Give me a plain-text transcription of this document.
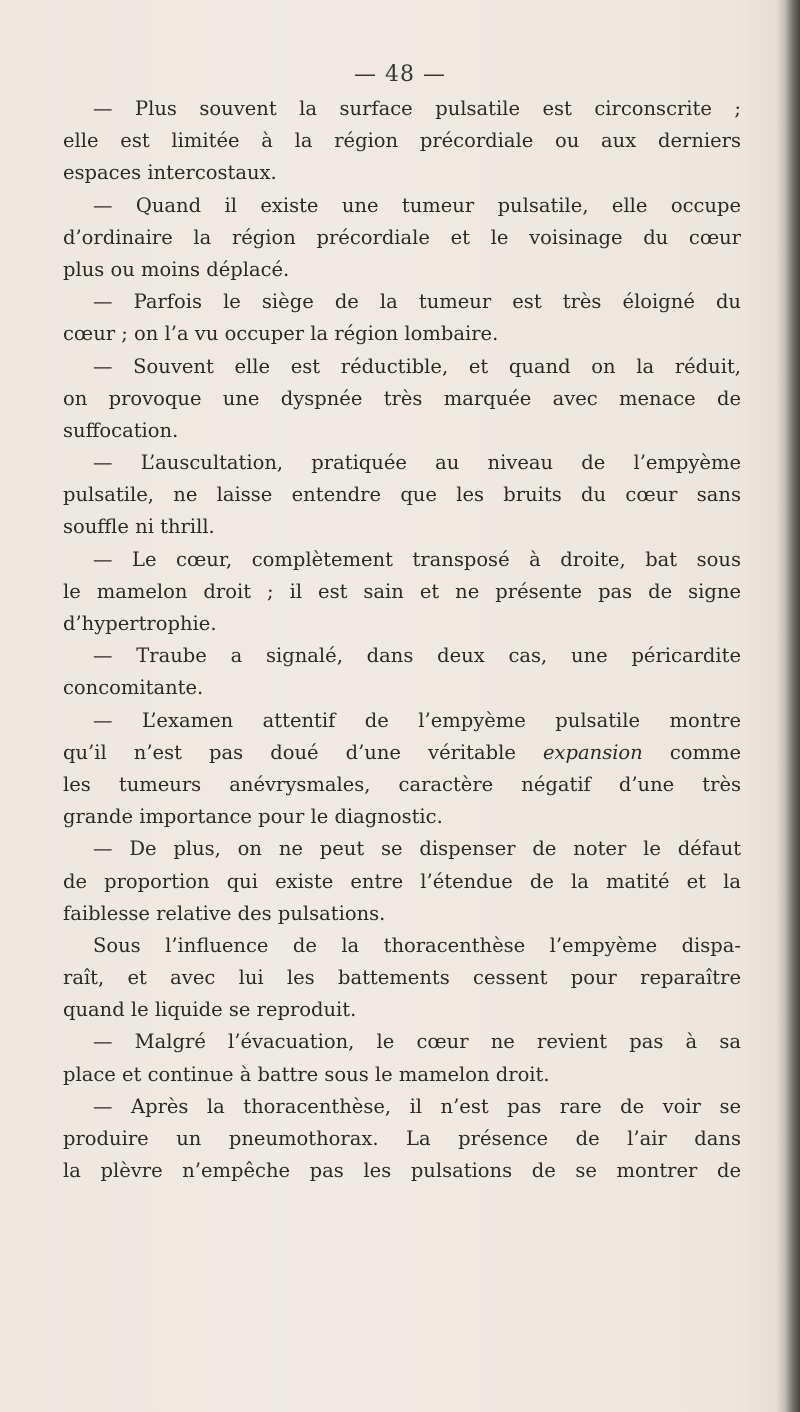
— 48 —
— Plus souvent la surface pulsatile est circonscrite ;
elle est limitée à la région précordiale ou aux derniers
espaces intercostaux.
— Quand il existe une tumeur pulsatile, elle occupe
d’ordinaire la région précordiale et le voisinage du cœur
plus ou moins déplacé.
— Parfois le siège de la tumeur est très éloigné du
cœur ; on l’a vu occuper la région lombaire.
— Souvent elle est réductible, et quand on la réduit,
on provoque une dyspnée très marquée avec menace de
suffocation.
— L’auscultation, pratiquée au niveau de l’empyème
pulsatile, ne laisse entendre que les bruits du cœur sans
souffle ni thrill.
— Le cœur, complètement transposé à droite, bat sous
le mamelon droit ; il est sain et ne présente pas de signe
d’hypertrophie.
— Traube a signalé, dans deux cas, une péricardite
concomitante.
— L’examen attentif de l’empyème pulsatile montre
qu’il n’est pas doué d’une véritable expansion comme
les tumeurs anévrysmales, caractère négatif d’une très
grande importance pour le diagnostic.
— De plus, on ne peut se dispenser de noter le défaut
de proportion qui existe entre l’étendue de la matité et la
faiblesse relative des pulsations.
Sous l’influence de la thoracenthèse l’empyème dispa-
raît, et avec lui les battements cessent pour reparaître
quand le liquide se reproduit.
— Malgré l’évacuation, le cœur ne revient pas à sa
place et continue à battre sous le mamelon droit.
— Après la thoracenthèse, il n’est pas rare de voir se
produire un pneumothorax. La présence de l’air dans
la plèvre n’empêche pas les pulsations de se montrer de
